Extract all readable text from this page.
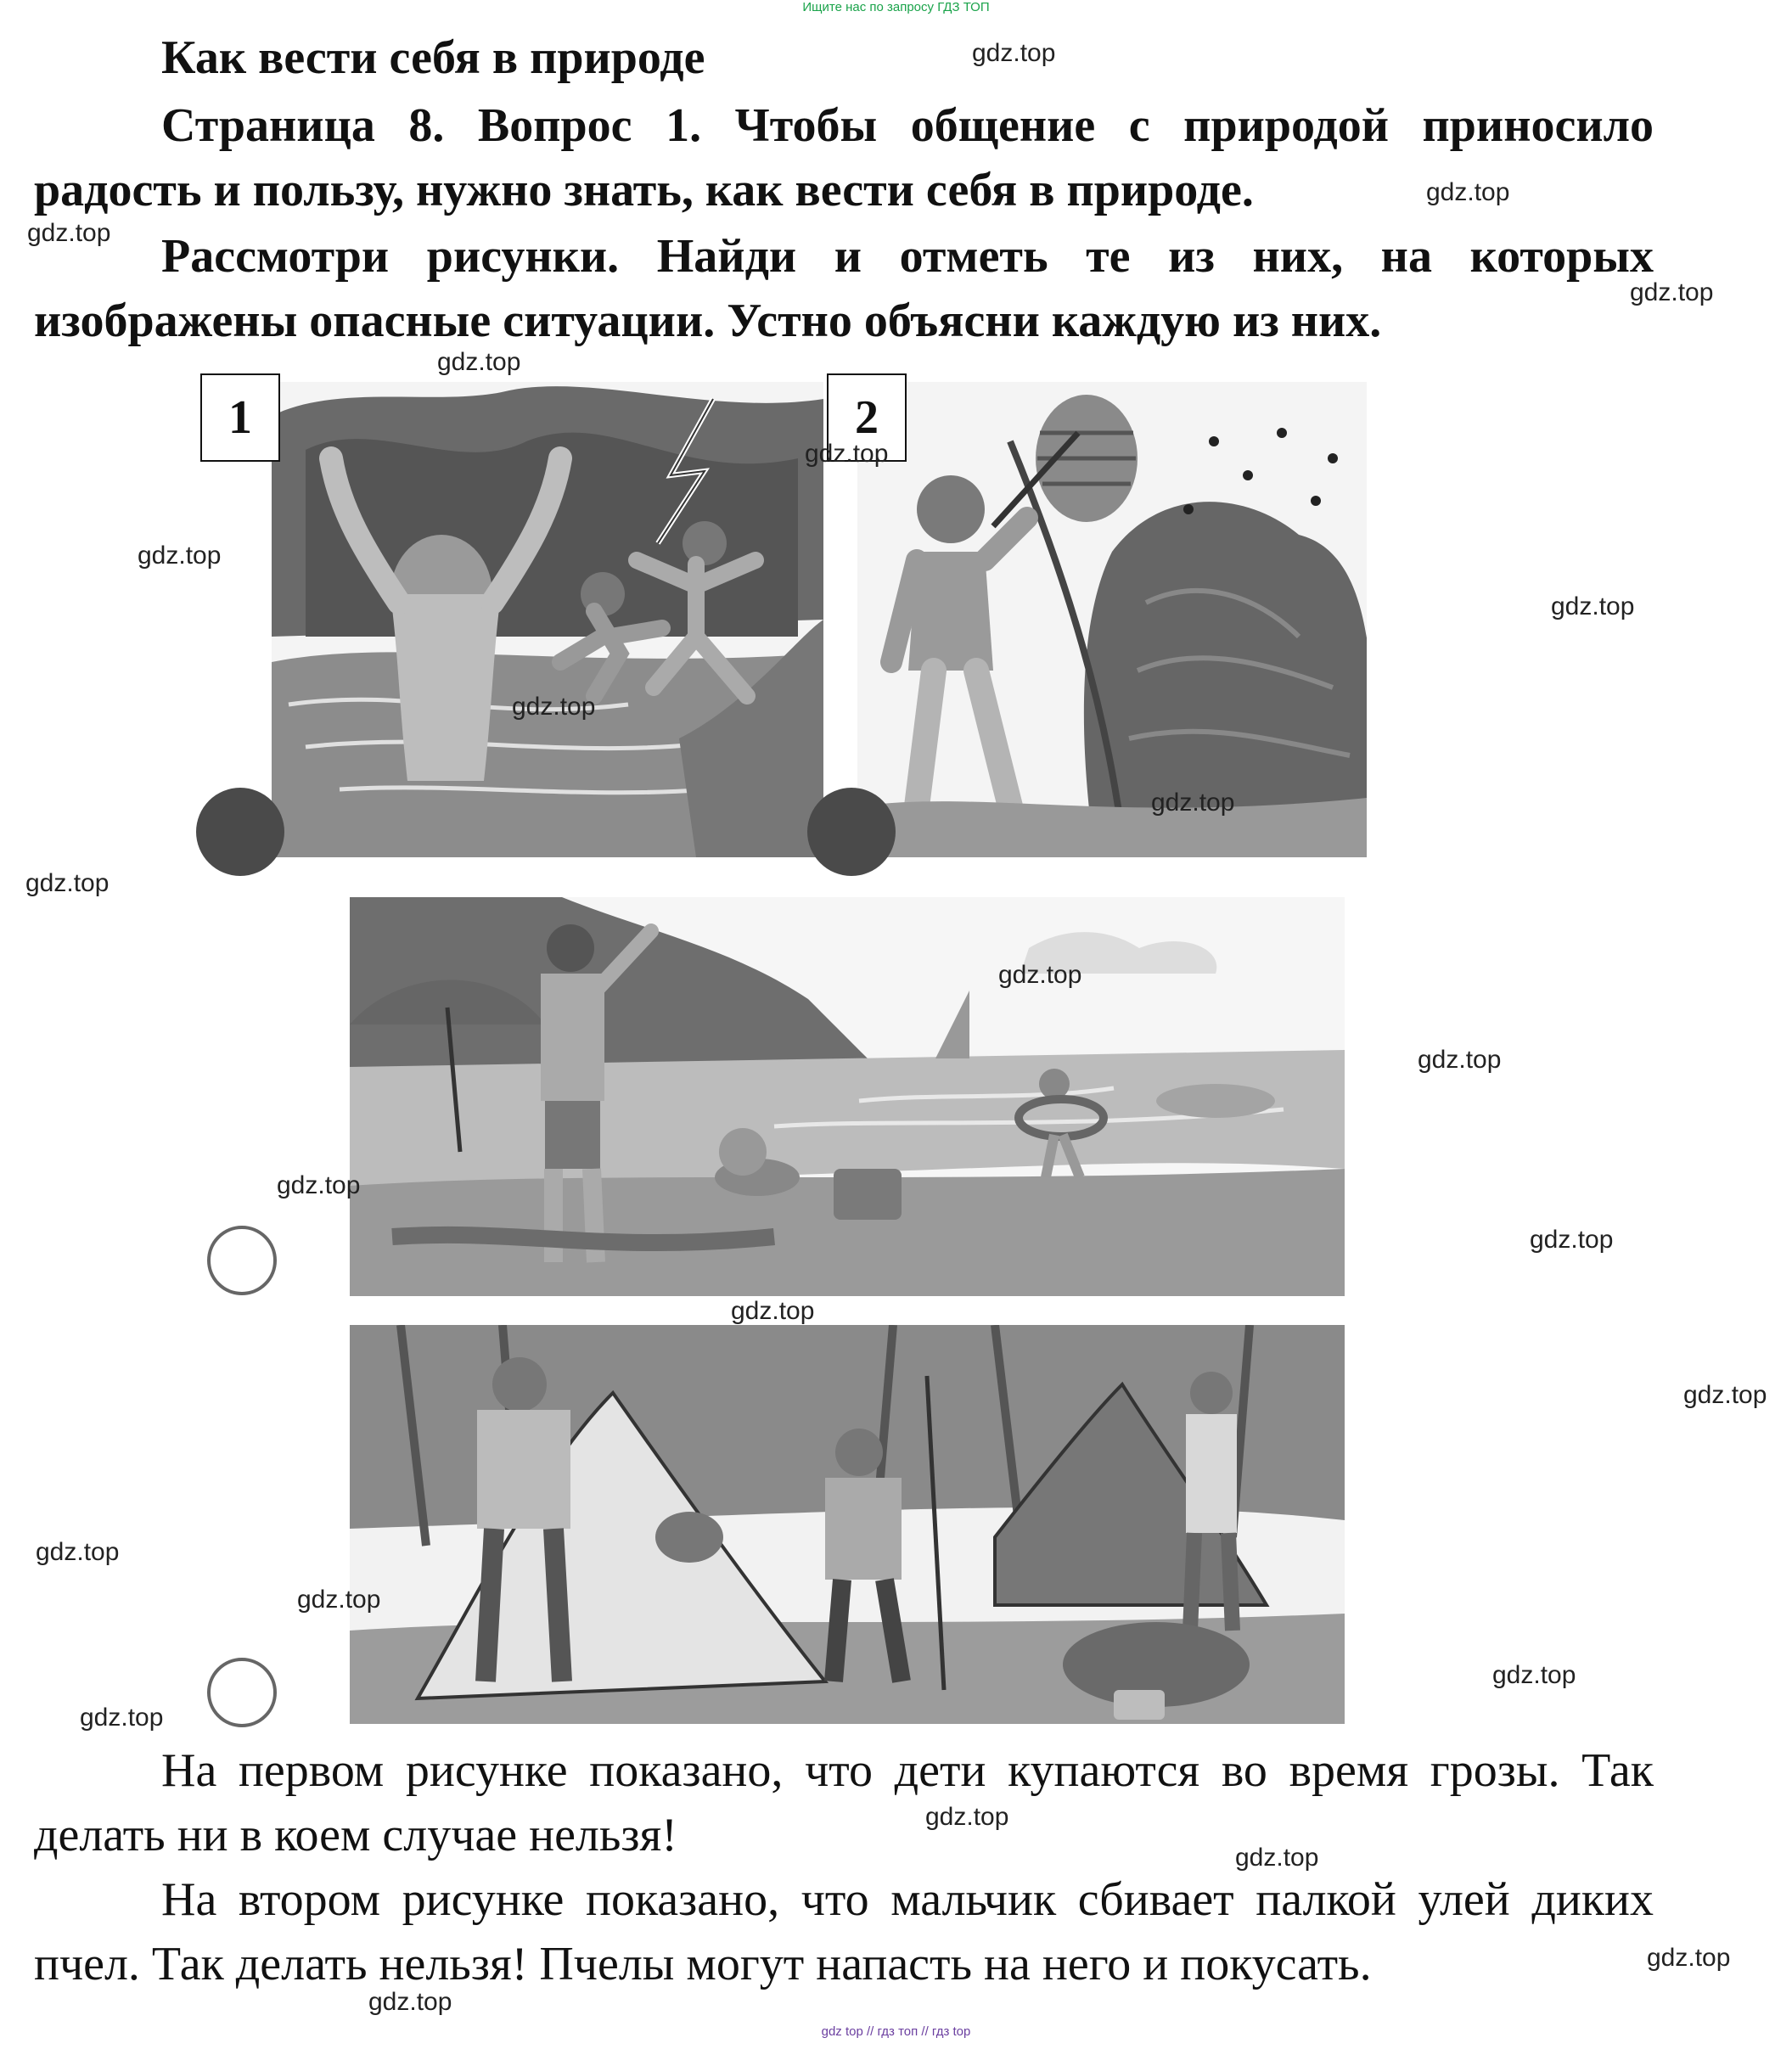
Ищите нас по запросу ГДЗ ТОП
Как вести себя в природе
Страница 8. Вопрос 1. Чтобы общение с природой приносило
радость и пользу, нужно знать, как вести себя в природе.
Рассмотри рисунки. Найди и отметь те из них, на которых
изображены опасные ситуации. Устно объясни каждую из них.
1	2
На первом рисунке показано, что дети купаются во время грозы. Так
делать ни в коем случае нельзя!
На втором рисунке показано, что мальчик сбивает палкой улей диких
пчел. Так делать нельзя! Пчелы могут напасть на него и покусать.
gdz.top
gdz.top
gdz.top
gdz.top
gdz.top
gdz.top
gdz.top
gdz.top
gdz.top
gdz.top
gdz.top
gdz.top
gdz.top
gdz.top
gdz.top
gdz.top
gdz.top
gdz.top
gdz.top
gdz.top
gdz.top
gdz.top
gdz.top
gdz.top
gdz.top
gdz top // гдз топ // гдз top
